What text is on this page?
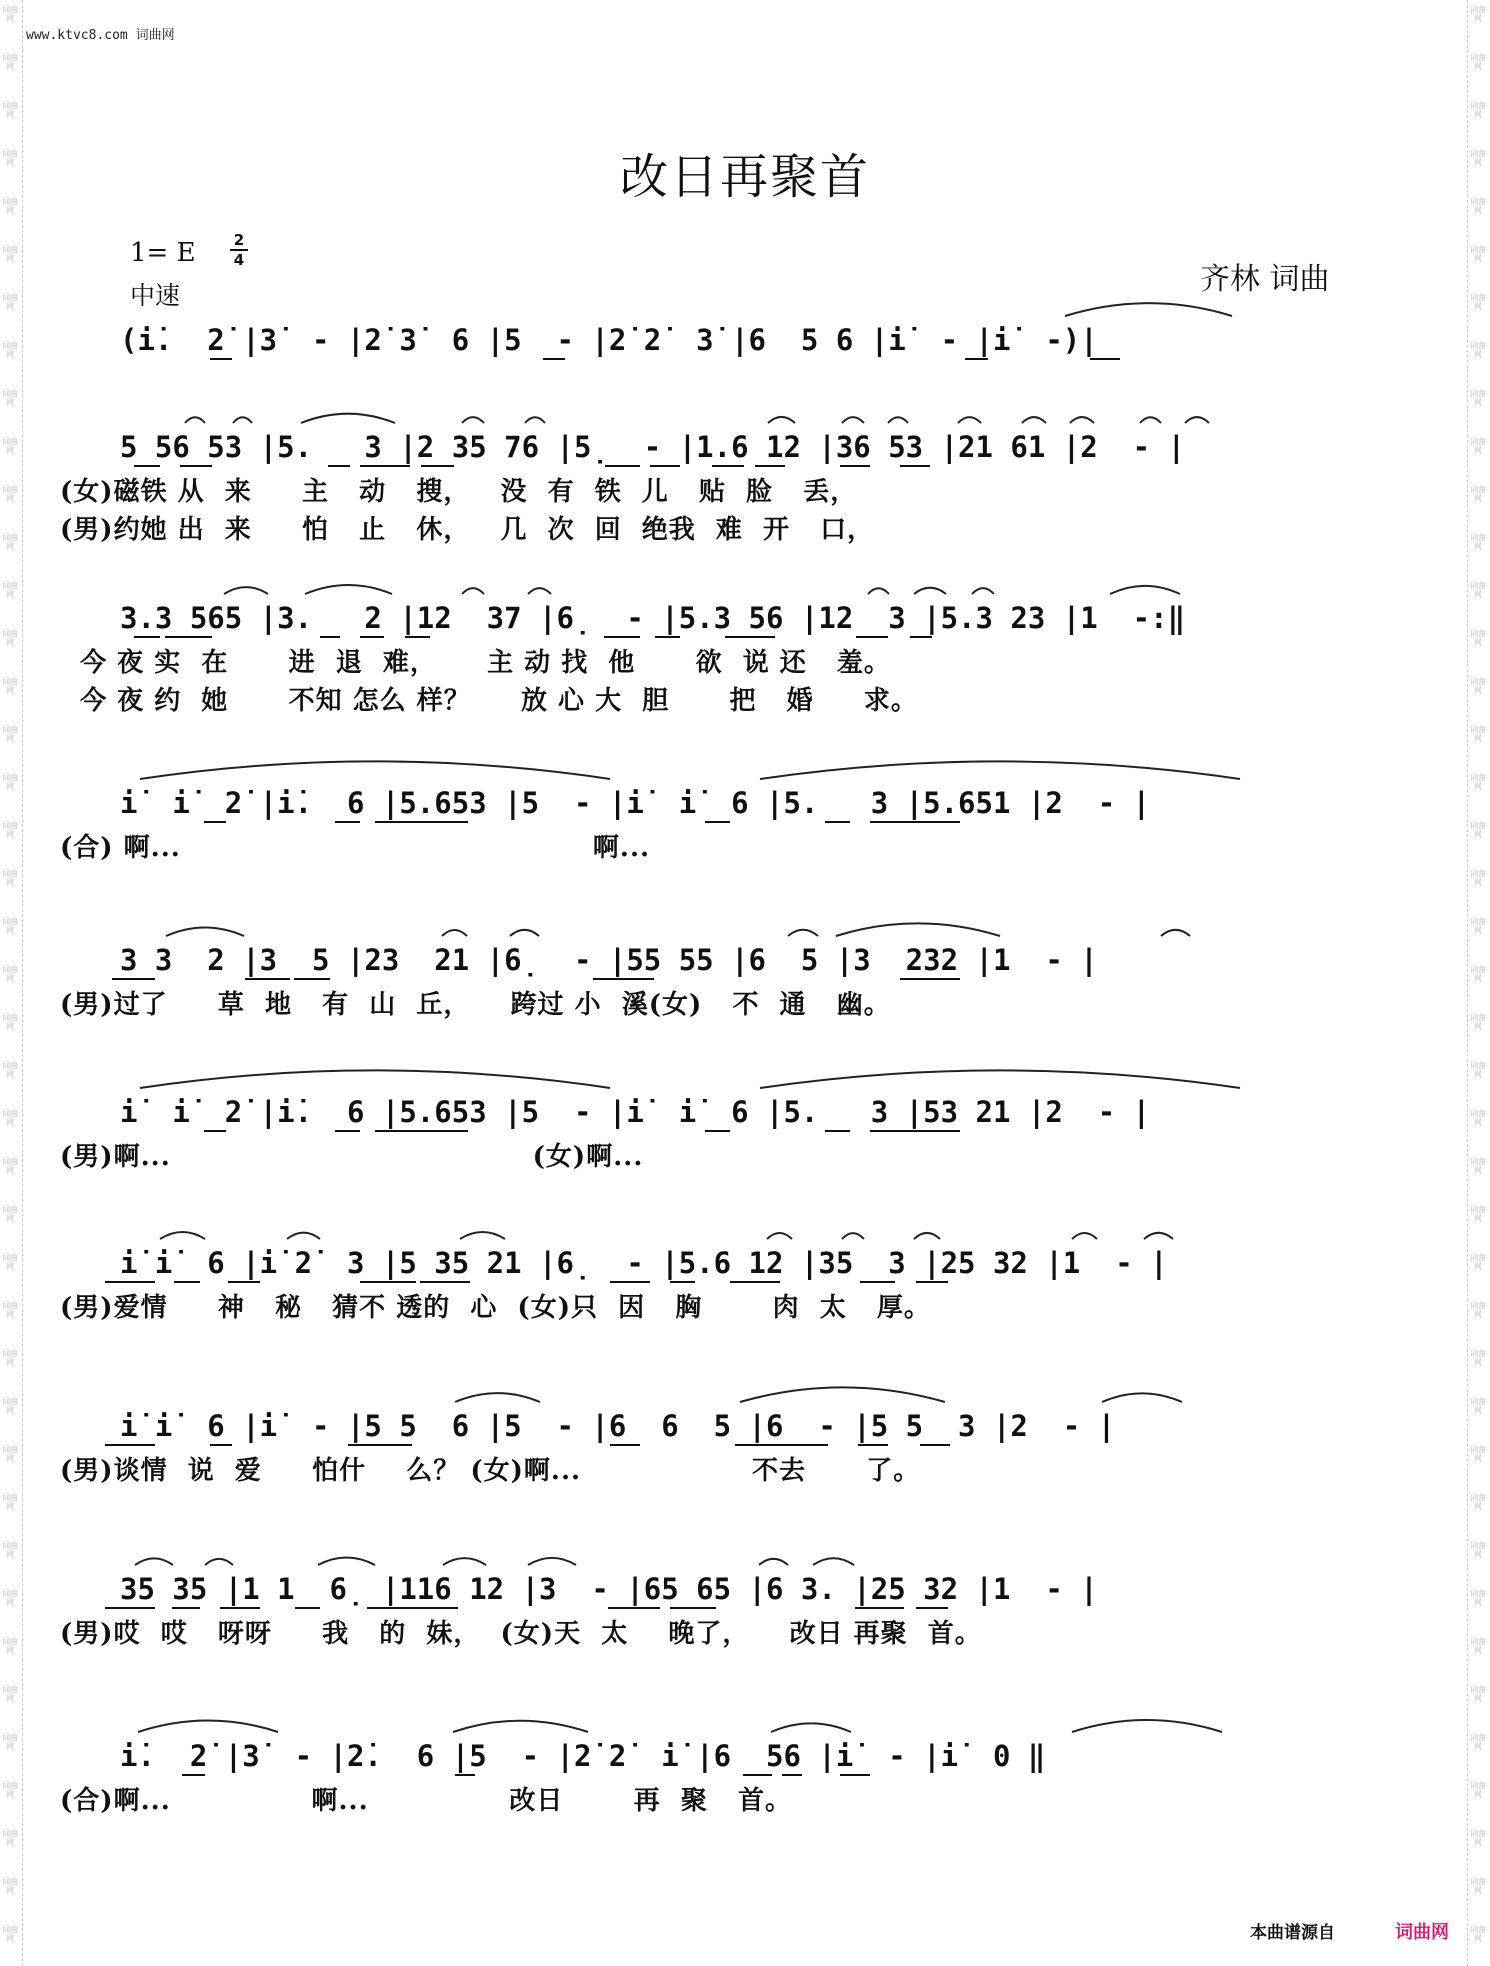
词曲网
词曲网
词曲网
词曲网
词曲网
词曲网
词曲网
词曲网
词曲网
词曲网
词曲网
词曲网
词曲网
词曲网
词曲网
词曲网
词曲网
词曲网
词曲网
词曲网
词曲网
词曲网
词曲网
词曲网
词曲网
词曲网
词曲网
词曲网
词曲网
词曲网
词曲网
词曲网
词曲网
词曲网
词曲网
词曲网
词曲网
词曲网
词曲网
词曲网
词曲网
词曲网
词曲网
词曲网
词曲网
词曲网
词曲网
词曲网
词曲网
词曲网
词曲网
词曲网
词曲网
词曲网
词曲网
词曲网
词曲网
词曲网
词曲网
词曲网
词曲网
词曲网
词曲网
词曲网
词曲网
词曲网
词曲网
词曲网
词曲网
词曲网
词曲网
词曲网
词曲网
词曲网
词曲网
词曲网
词曲网
词曲网
词曲网
词曲网
词曲网
词曲网
www.ktvc8.com 词曲网
改日再聚首
1= E	2
4
中速	齐林 词曲
(i̇.  2̇ |3̇  - |2̇ 3̇  6 |5  - |2̇ 2̇  3̇ |6  5 6 |i̇  - |i̇  -)|
5 56 53 |5.   3 |2 35 76 |5̣  - |1.6 12 |36 53 |21 61 |2  - |
(女)磁铁 从  来     主   动   搜，   没  有  铁  儿   贴  脸   丢，
(男)约她 出  来     怕   止   休，   几  次  回  绝我  难  开   口，
3.3 565 |3.   2 |12  37 |6̣  - |5.3 56 |12  3 |5.3 23 |1  -:‖
今 夜 实  在      进  退  难，     主 动 找  他      欲  说 还   羞。
今 夜 约  她      不知 怎么 样？     放 心 大  胆      把   婚     求。
i̇  i̇  2̇ |i̇.  6 |5.653 |5  - |i̇  i̇  6 |5.   3 |5.651 |2  - |
(合) 啊...                                         啊...
3 3  2 |3  5 |23  21 |6̣  - |55 55 |6  5 |3  232 |1  - |
(男)过了     草  地   有  山  丘，    跨过 小  溪(女)   不  通   幽。
i̇  i̇  2̇ |i̇.  6 |5.653 |5  - |i̇  i̇  6 |5.   3 |53 21 |2  - |
(男)啊...                                    (女)啊...
i̇ i̇  6 |i̇ 2̇  3 |5 35 21 |6̣  - |5.6 12 |35  3 |25 32 |1  - |
(男)爱情     神   秘   猜不 透的  心  (女)只  因   胸       肉  太   厚。
i̇ i̇  6 |i̇  - |5 5  6 |5  - |6  6  5 |6  - |5 5  3 |2  - |
(男)谈情  说  爱     怕什    么？ (女)啊...                 不去      了。
35 35 |1 1  6̣ |116 12 |3  - |65 65 |6 3. |25 32 |1  - |
(男)哎  哎   呀呀     我   的  妹，  (女)天  太    晚了，    改日 再聚  首。
i̇.  2̇ |3̇  - |2̇.  6 |5  - |2̇ 2̇  i̇ |6  56 |i̇  - |i̇  0 ‖
(合)啊...              啊...              改日       再  聚   首。
本曲谱源自	词曲网
